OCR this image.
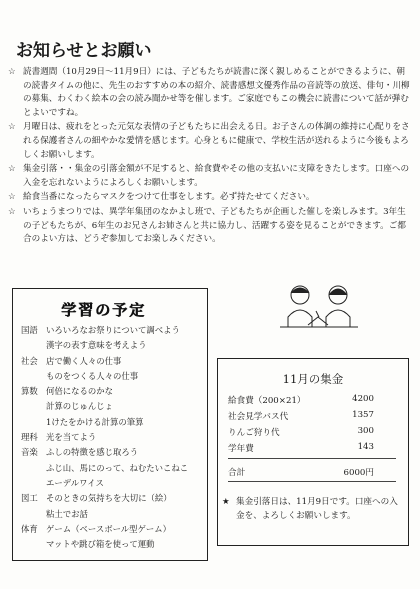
お知らせとお願い
☆ 読書週間（10月29日〜11月9日）には、子どもたちが読書に深く親しめることができるように、朝の読書タイムの他に、先生のおすすめの本の紹介、読書感想文優秀作品の音読等の放送、俳句・川柳の募集、わくわく絵本の会の読み聞かせ等を催します。ご家庭でもこの機会に読書について話が弾むとよいですね。
☆ 月曜日は、疲れをとった元気な表情の子どもたちに出会える日。お子さんの体調の維持に心配りをされる保護者さんの細やかな愛情を感じます。心身ともに健康で、学校生活が送れるように今後もよろしくお願いします。
☆ 集金引落・・集金の引落金額が不足すると、給食費やその他の支払いに支障をきたします。口座への入金を忘れないようによろしくお願いします。
☆ 給食当番になったらマスクをつけて仕事をします。必ず持たせてください。
☆ いちょうまつりでは、異学年集団のなかよし班で、子どもたちが企画した催しを楽しみます。3年生の子どもたちが、6年生のお兄さんお姉さんと共に協力し、活躍する姿を見ることができます。ご都合のよい方は、どうぞ参加してお楽しみください。
学習の予定
国語 いろいろなお祭りについて調べよう
漢字の表す意味を考えよう
社会 店で働く人々の仕事
ものをつくる人々の仕事
算数 何倍になるのかな
計算のじゅんじょ
1けたをかける計算の筆算
理科 光を当てよう
音楽 ふしの特徴を感じ取ろう
ふじ山、馬にのって、ねむたいこねこ
エーデルワイス
図工 そのときの気持ちを大切に（絵）
粘土でお話
体育 ゲーム（ベースボール型ゲーム）
マットや跳び箱を使って運動
11月の集金
給食費（200×21）	4200
社会見学バス代	1357
りんご狩り代	300
学年費	143
合計	6000円
★ 集金引落日は、11月9日です。口座への入金を、よろしくお願いします。
